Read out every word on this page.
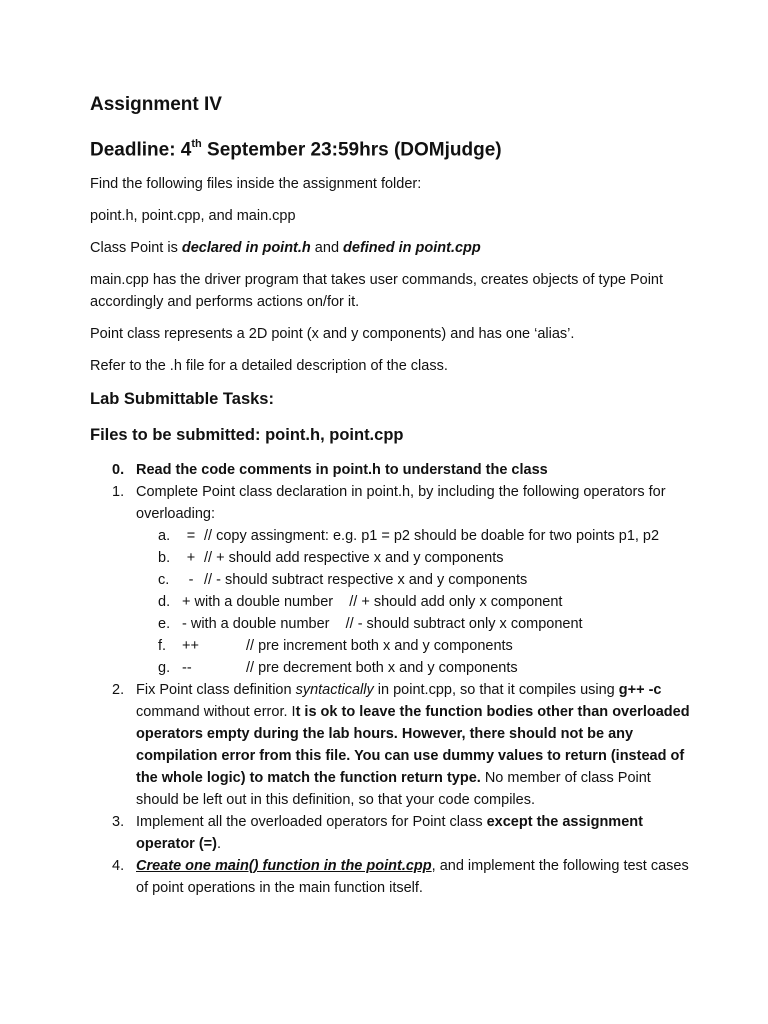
Assignment IV
Deadline: 4th September 23:59hrs (DOMjudge)

Find the following files inside the assignment folder:

point.h, point.cpp, and main.cpp

Class Point is declared in point.h and defined in point.cpp

main.cpp has the driver program that takes user commands, creates objects of type Point accordingly and performs actions on/for it.

Point class represents a 2D point (x and y components) and has one ‘alias’.

Refer to the .h file for a detailed description of the class.

Lab Submittable Tasks:
Files to be submitted: point.h, point.cpp
0. Read the code comments in point.h to understand the class
1. Complete Point class declaration in point.h, by including the following operators for overloading:
a. = // copy assingment: e.g. p1 = p2 should be doable for two points p1, p2
b. + // + should add respective x and y components
c. - // - should subtract respective x and y components
d. + with a double number    // + should add only x component
e. - with a double number    // - should subtract only x component
f. ++	// pre increment both x and y components
g. --	// pre decrement both x and y components
2. Fix Point class definition syntactically in point.cpp, so that it compiles using g++ -c command without error. It is ok to leave the function bodies other than overloaded operators empty during the lab hours. However, there should not be any compilation error from this file. You can use dummy values to return (instead of the whole logic) to match the function return type. No member of class Point should be left out in this definition, so that your code compiles.
3. Implement all the overloaded operators for Point class except the assignment operator (=).
4. Create one main() function in the point.cpp, and implement the following test cases of point operations in the main function itself.
